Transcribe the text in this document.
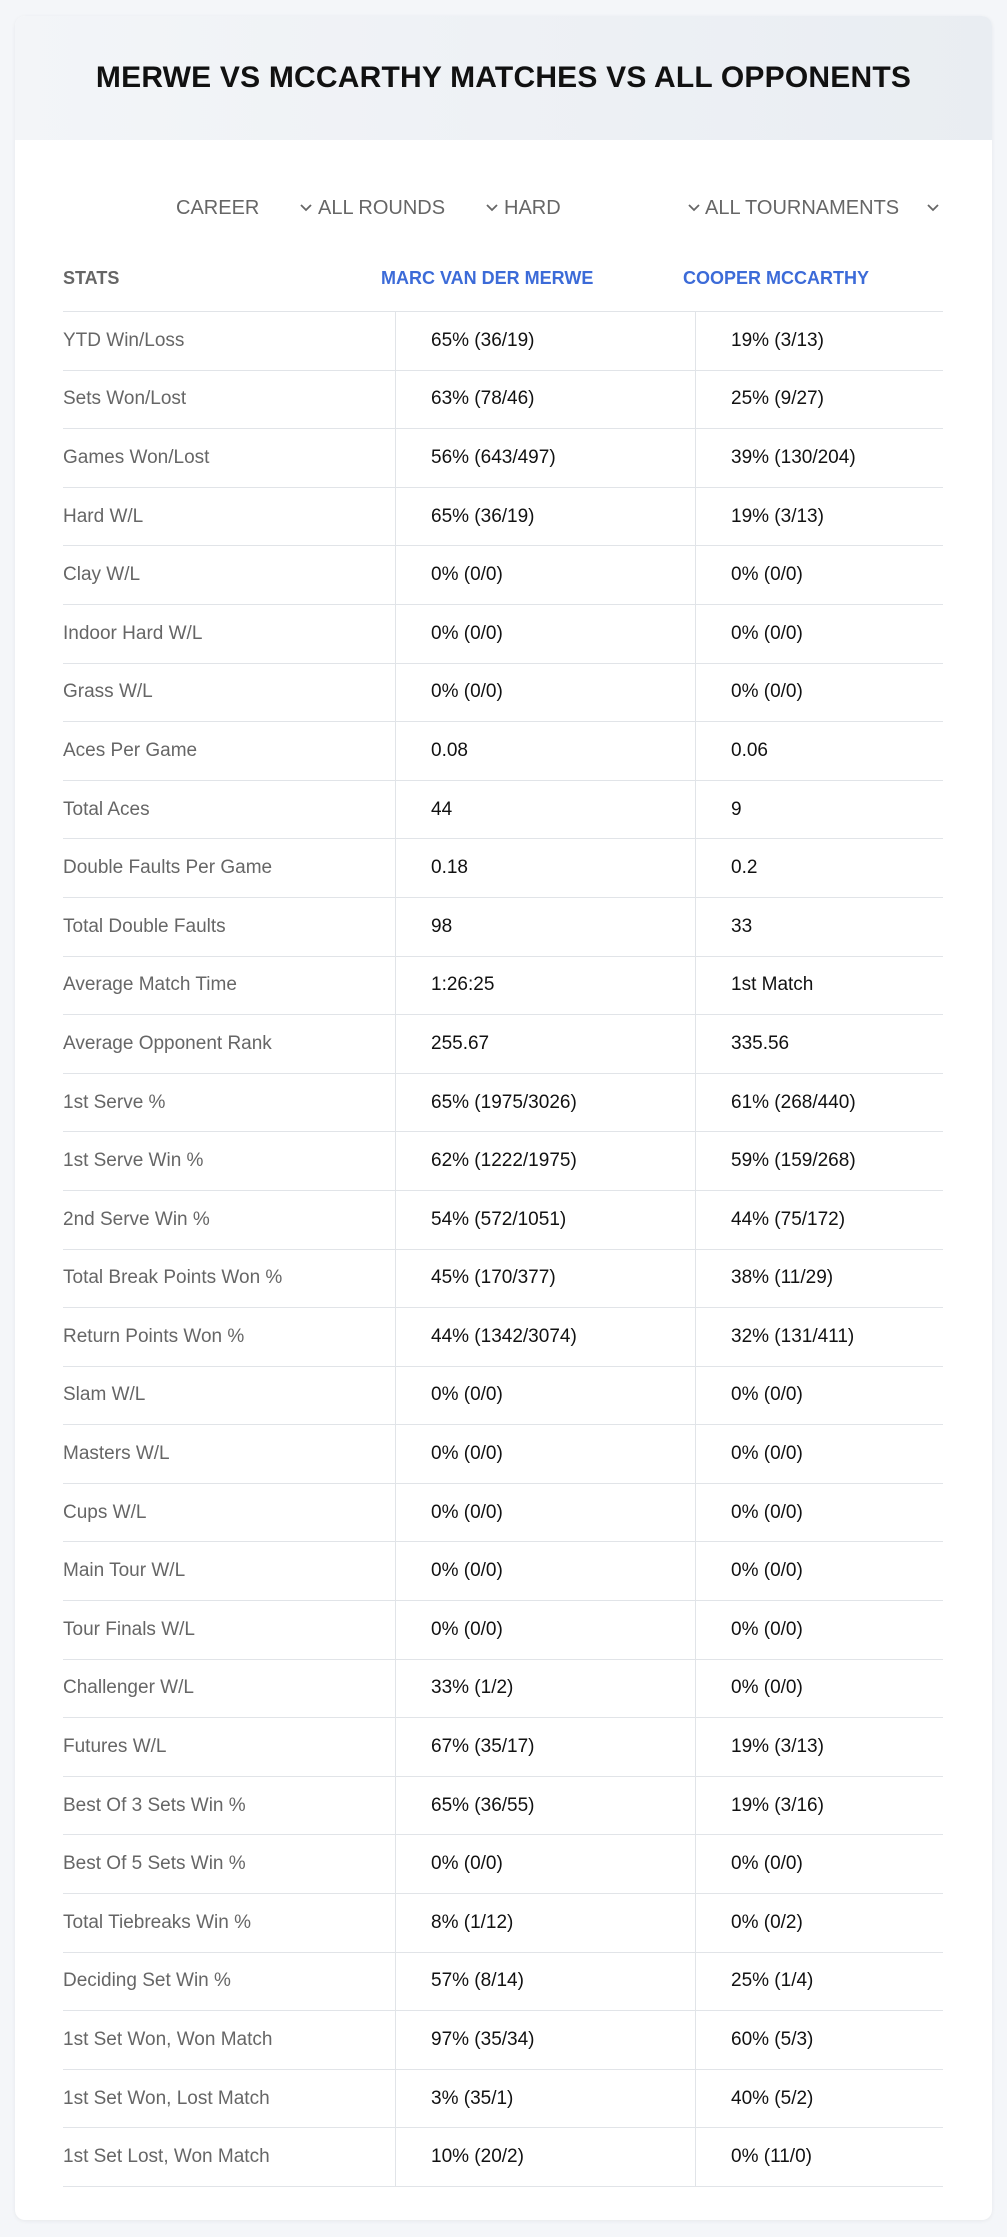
MERWE VS MCCARTHY MATCHES VS ALL OPPONENTS
CAREER	ALL ROUNDS	HARD	ALL TOURNAMENTS
STATS	MARC VAN DER MERWE	COOPER MCCARTHY
YTD Win/Loss	65% (36/19)	19% (3/13)
Sets Won/Lost	63% (78/46)	25% (9/27)
Games Won/Lost	56% (643/497)	39% (130/204)
Hard W/L	65% (36/19)	19% (3/13)
Clay W/L	0% (0/0)	0% (0/0)
Indoor Hard W/L	0% (0/0)	0% (0/0)
Grass W/L	0% (0/0)	0% (0/0)
Aces Per Game	0.08	0.06
Total Aces	44	9
Double Faults Per Game	0.18	0.2
Total Double Faults	98	33
Average Match Time	1:26:25	1st Match
Average Opponent Rank	255.67	335.56
1st Serve %	65% (1975/3026)	61% (268/440)
1st Serve Win %	62% (1222/1975)	59% (159/268)
2nd Serve Win %	54% (572/1051)	44% (75/172)
Total Break Points Won %	45% (170/377)	38% (11/29)
Return Points Won %	44% (1342/3074)	32% (131/411)
Slam W/L	0% (0/0)	0% (0/0)
Masters W/L	0% (0/0)	0% (0/0)
Cups W/L	0% (0/0)	0% (0/0)
Main Tour W/L	0% (0/0)	0% (0/0)
Tour Finals W/L	0% (0/0)	0% (0/0)
Challenger W/L	33% (1/2)	0% (0/0)
Futures W/L	67% (35/17)	19% (3/13)
Best Of 3 Sets Win %	65% (36/55)	19% (3/16)
Best Of 5 Sets Win %	0% (0/0)	0% (0/0)
Total Tiebreaks Win %	8% (1/12)	0% (0/2)
Deciding Set Win %	57% (8/14)	25% (1/4)
1st Set Won, Won Match	97% (35/34)	60% (5/3)
1st Set Won, Lost Match	3% (35/1)	40% (5/2)
1st Set Lost, Won Match	10% (20/2)	0% (11/0)
